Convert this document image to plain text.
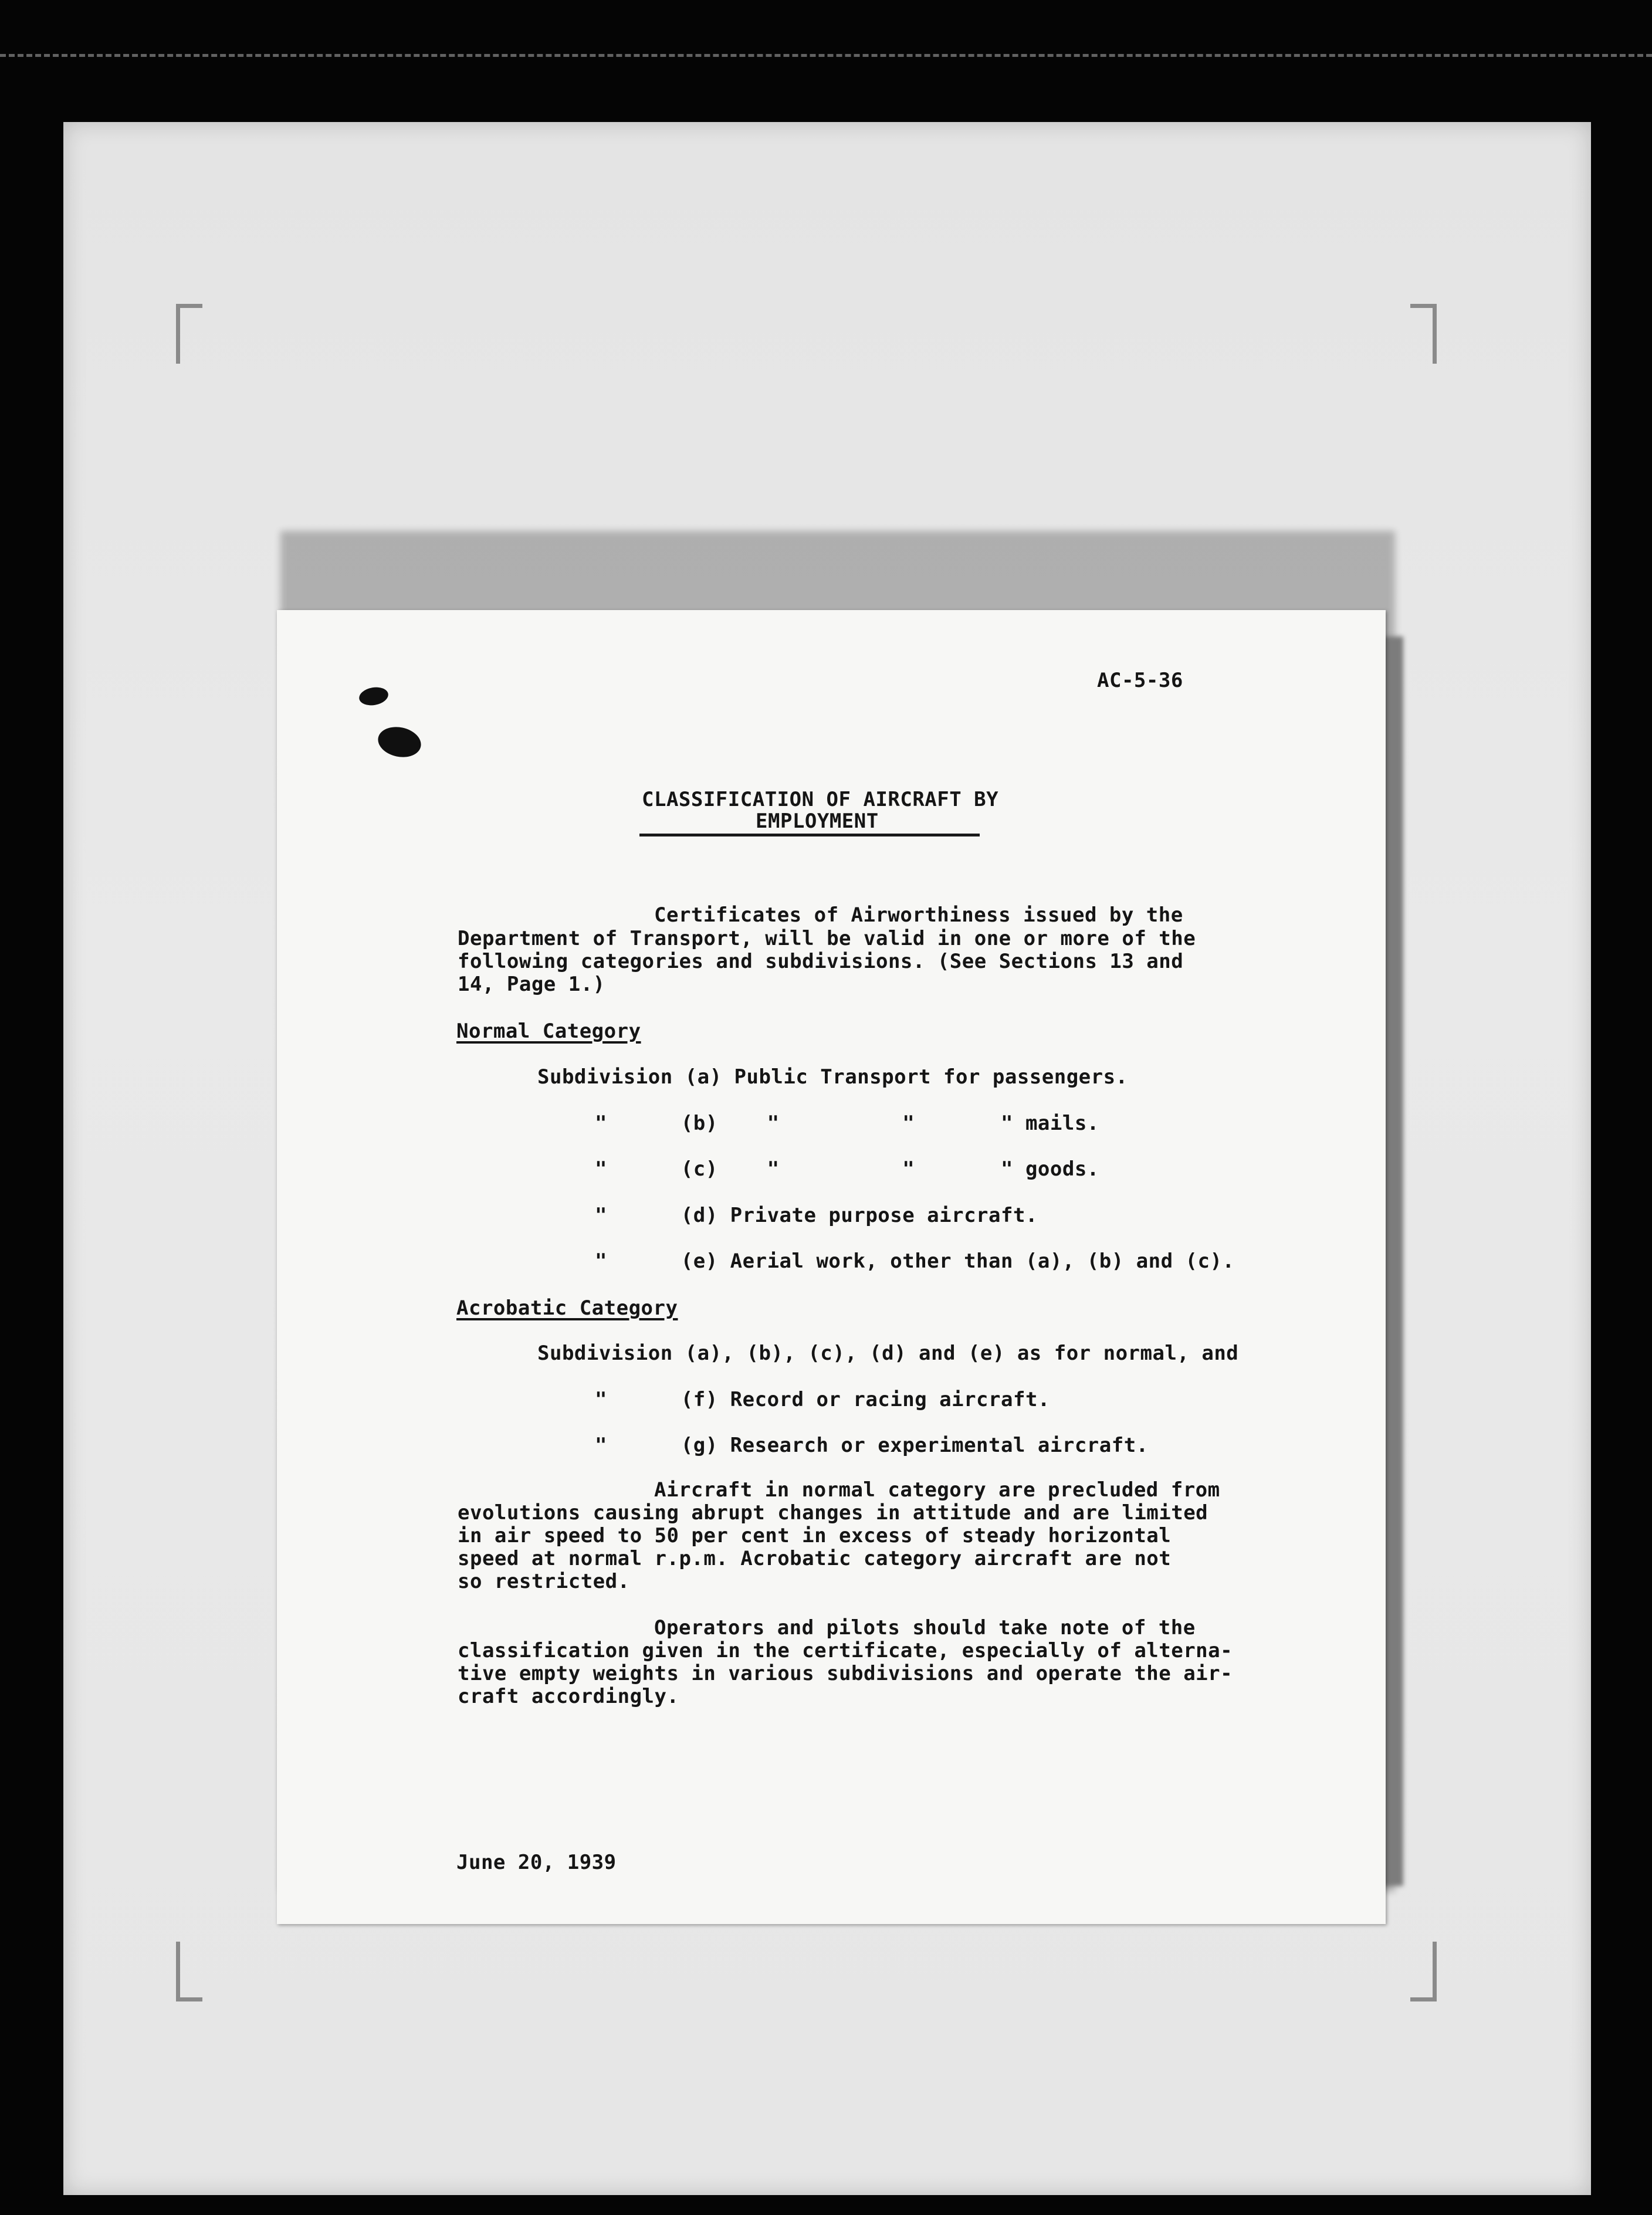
AC-5-36
CLASSIFICATION OF AIRCRAFT BY
EMPLOYMENT
Certificates of Airworthiness issued by the
Department of Transport, will be valid in one or more of the
following categories and subdivisions. (See Sections 13 and
14, Page 1.)
Normal Category
Subdivision (a) Public Transport for passengers.
"      (b)    "          "       " mails.
"      (c)    "          "       " goods.
"      (d) Private purpose aircraft.
"      (e) Aerial work, other than (a), (b) and (c).
Acrobatic Category
Subdivision (a), (b), (c), (d) and (e) as for normal, and
"      (f) Record or racing aircraft.
"      (g) Research or experimental aircraft.
Aircraft in normal category are precluded from
evolutions causing abrupt changes in attitude and are limited
in air speed to 50 per cent in excess of steady horizontal
speed at normal r.p.m. Acrobatic category aircraft are not
so restricted.
Operators and pilots should take note of the
classification given in the certificate, especially of alterna-
tive empty weights in various subdivisions and operate the air-
craft accordingly.
June 20, 1939
